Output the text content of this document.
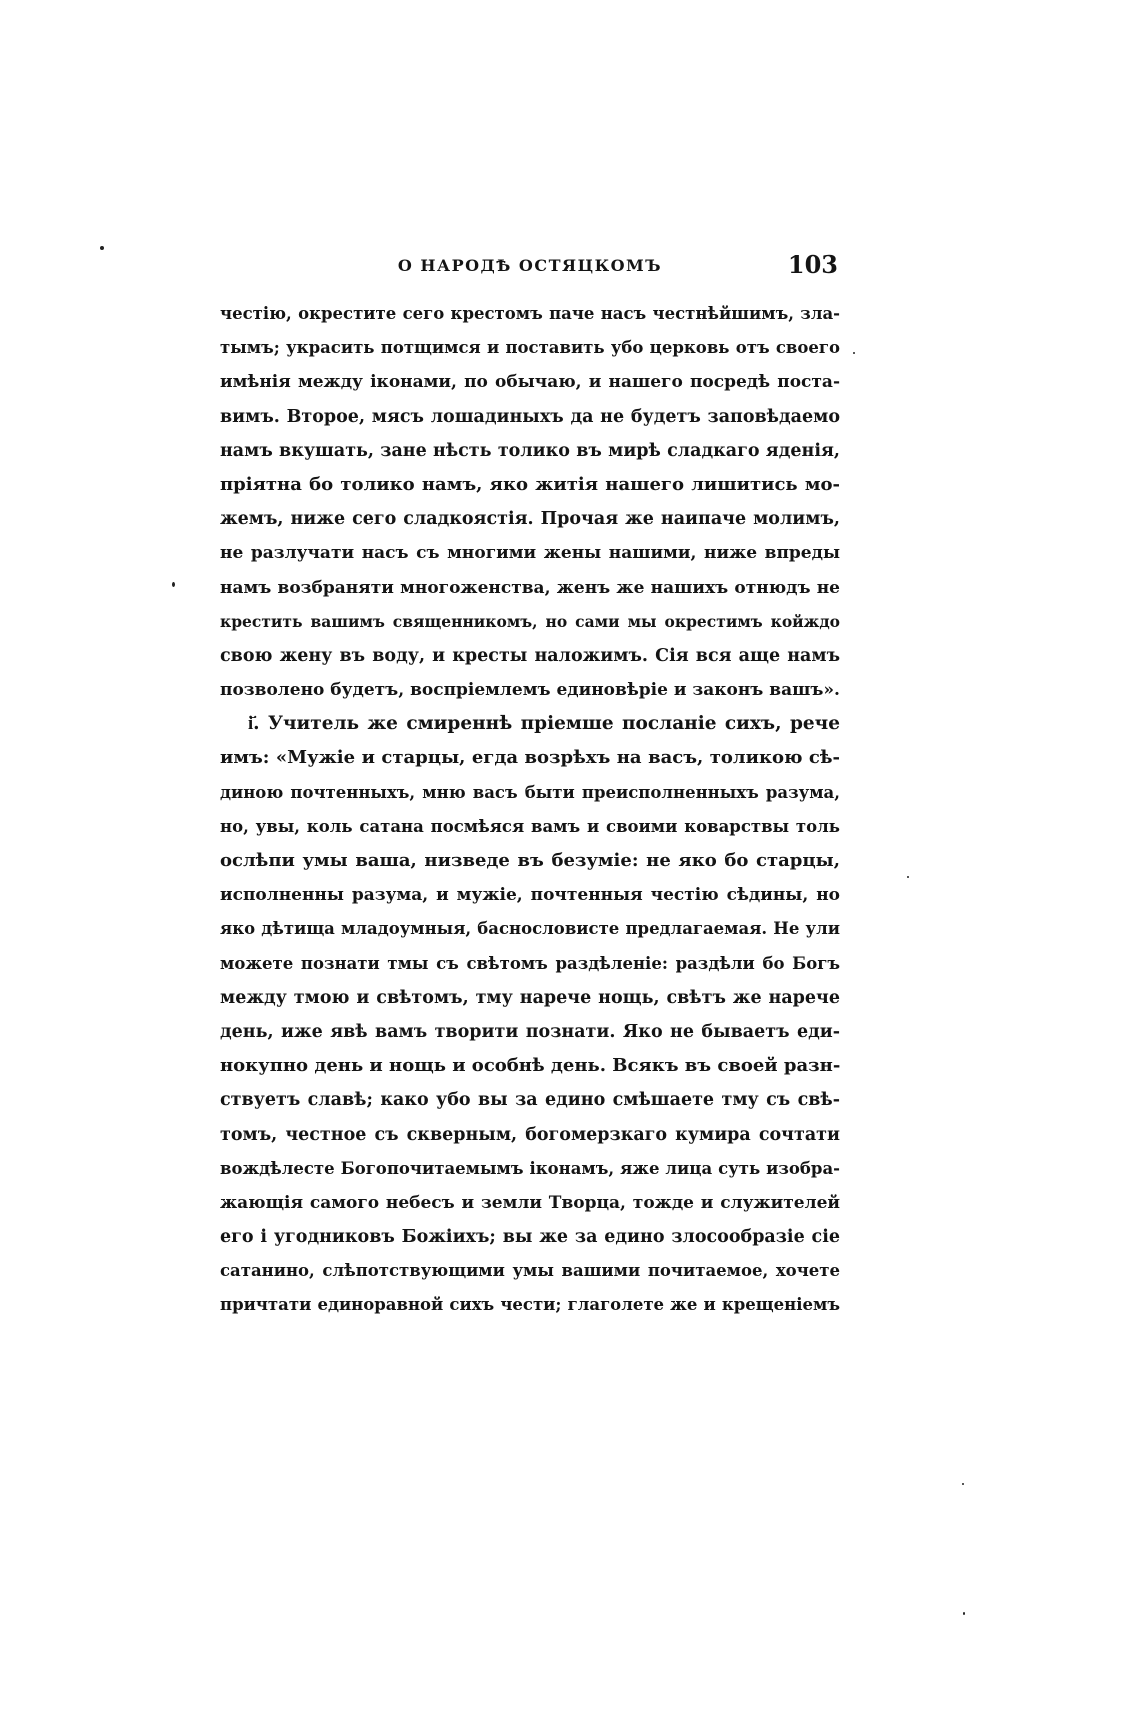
О НАРОДѢ ОСТЯЦКОМЪ	103
честію, окрестите сего крестомъ паче насъ честнѣйшимъ, зла-
тымъ; украсить потщимся и поставить убо церковь отъ своего
имѣнія между іконами, по обычаю, и нашего посредѣ поста-
вимъ. Второе, мясъ лошадиныхъ да не будетъ заповѣдаемо
намъ вкушать, зане нѣсть толико въ мирѣ сладкаго яденія,
пріятна бо толико намъ, яко житія нашего лишитись мо-
жемъ, ниже сего сладкоястія. Прочая же наипаче молимъ,
не разлучати насъ съ многими жены нашими, ниже впреды
намъ возбраняти многоженства, женъ же нашихъ отнюдъ не
крестить вашимъ священникомъ, но сами мы окрестимъ койждо
свою жену въ воду, и кресты наложимъ. Сія вся аще намъ
позволено будетъ, воспріемлемъ единовѣріе и законъ вашъ».
і҃. Учитель же смиреннѣ пріемше посланіе сихъ, рече
имъ: «Мужіе и старцы, егда возрѣхъ на васъ, толикою сѣ-
диною почтенныхъ, мню васъ быти преисполненныхъ разума,
но, увы, коль сатана посмѣяся вамъ и своими коварствы толь
ослѣпи умы ваша, низведе въ безуміе: не яко бо старцы,
исполненны разума, и мужіе, почтенныя честію сѣдины, но
яко дѣтища младоумныя, баснословисте предлагаемая. Не ули
можете познати тмы съ свѣтомъ раздѣленіе: раздѣли бо Богъ
между тмою и свѣтомъ, тму нарече нощь, свѣтъ же нарече
день, иже явѣ вамъ творити познати. Яко не бываетъ еди-
нокупно день и нощь и особнѣ день. Всякъ въ своей разн-
ствуетъ славѣ; како убо вы за едино смѣшаете тму съ свѣ-
томъ, честное съ скверным, богомерзкаго кумира сочтати
вождѣлесте Богопочитаемымъ іконамъ, яже лица суть изобра-
жающія самого небесъ и земли Творца, тожде и служителей
его і угодниковъ Божіихъ; вы же за едино злосообразіе сіе
сатанино, слѣпотствующими умы вашими почитаемое, хочете
причтати единоравной сихъ чести; глаголете же и крещеніемъ
